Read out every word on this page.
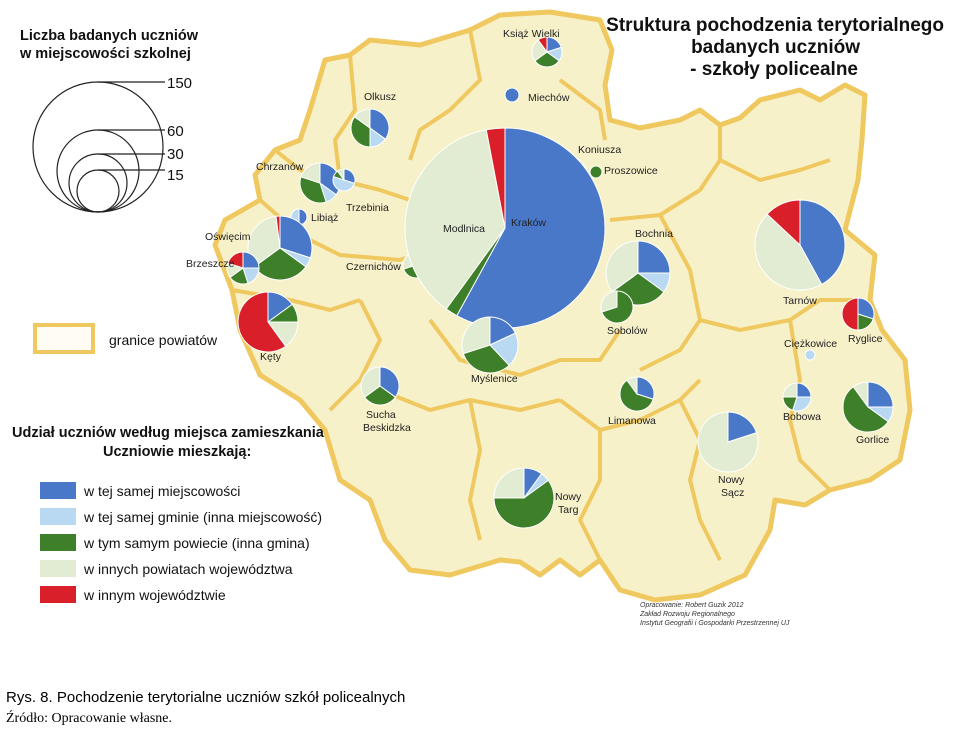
Książ Wielki
Miechów
Olkusz
Koniusza
Proszowice
Chrzanów
Libiąż
Trzebinia
Oświęcim
Modlnica Kraków
Bochnia
Brzeszcze	Czernichów
Tarnów
Kęty
Sobolów
Ciężkowice Ryglice
Myślenice
Sucha
Beskidzka
Limanowa	Bobowa
Gorlice
Nowy
Targ
Nowy
Sącz
Struktura pochodzenia terytorialnego
badanych uczniów
- szkoły policealne
Liczba badanych uczniów
w miejscowości szkolnej
150
60
30
15
granice powiatów
Udział uczniów według miejsca zamieszkania
Uczniowie mieszkają:
w tej samej miejscowości
w tej samej gminie (inna miejscowość)
w tym samym powiecie (inna gmina)
w innych powiatach województwa
w innym województwie
Opracowanie: Robert Guzik 2012
Zakład Rozwoju Regionalnego
Instytut Geografii i Gospodarki Przestrzennej UJ
Rys. 8. Pochodzenie terytorialne uczniów szkół policealnych
Źródło: Opracowanie własne.
